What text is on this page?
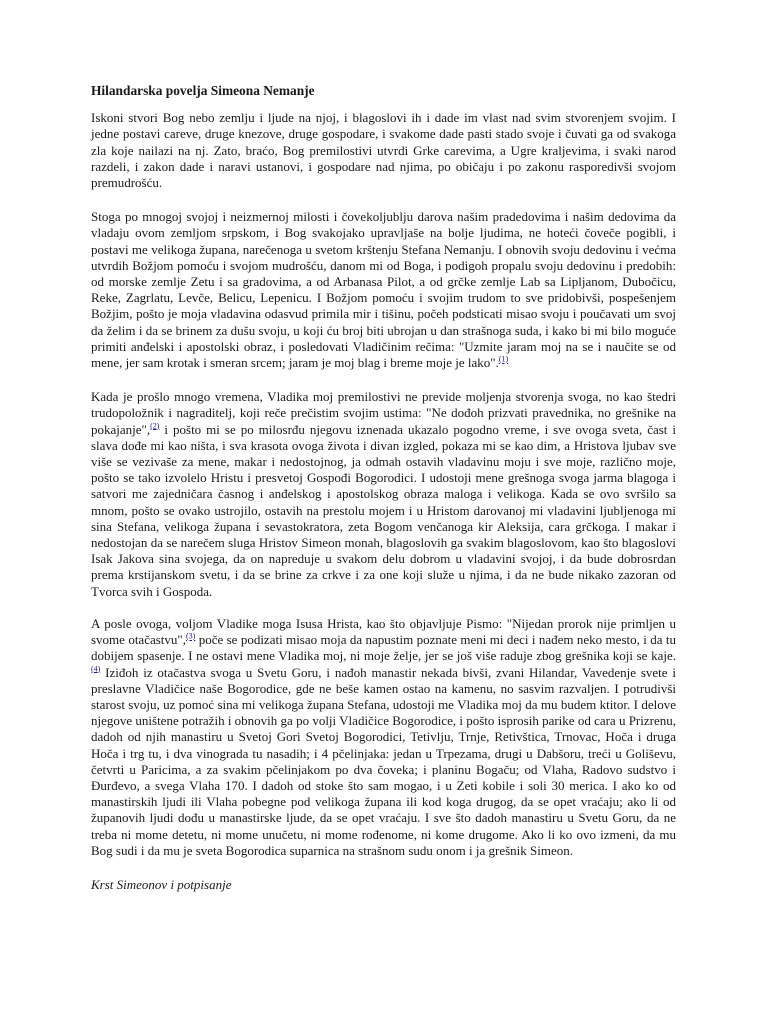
Hilandarska povelja Simeona Nemanje

Iskoni stvori Bog nebo zemlju i ljude na njoj, i blagoslovi ih i dade im vlast nad svim stvorenjem svojim. I jedne postavi careve, druge knezove, druge gospodare, i svakome dade pasti stado svoje i čuvati ga od svakoga zla koje nailazi na nj. Zato, braćo, Bog premilostivi utvrdi Grke carevima, a Ugre kraljevima, i svaki narod razdeli, i zakon dade i naravi ustanovi, i gospodare nad njima, po običaju i po zakonu rasporedivši svojom premudrošću.

Stoga po mnogoj svojoj i neizmernoj milosti i čovekoljublju darova našim pradedovima i našim dedovima da vladaju ovom zemljom srpskom, i Bog svakojako upravljaše na bolje ljudima, ne hoteći čoveče pogibli, i postavi me velikoga župana, narečenoga u svetom krštenju Stefana Nemanju. I obnovih svoju dedovinu i većma utvrdih Božjom pomoću i svojom mudrošću, danom mi od Boga, i podigoh propalu svoju dedovinu i predobih: od morske zemlje Zetu i sa gradovima, a od Arbanasa Pilot, a od grčke zemlje Lab sa Lipljanom, Dubočicu, Reke, Zagrlatu, Levče, Belicu, Lepenicu. I Božjom pomoću i svojim trudom to sve pridobivši, pospešenjem Božjim, pošto je moja vladavina odasvud primila mir i tišinu, počeh podsticati misao svoju i poučavati um svoj da želim i da se brinem za dušu svoju, u koji ću broj biti ubrojan u dan strašnoga suda, i kako bi mi bilo moguće primiti anđelski i apostolski obraz, i posledovati Vladičinim rečima: "Uzmite jaram moj na se i naučite se od mene, jer sam krotak i smeran srcem; jaram je moj blag i breme moje je lako".$^{(1)}$

Kada je prošlo mnogo vremena, Vladika moj premilostivi ne previde moljenja stvorenja svoga, no kao štedri trudopoložnik i nagraditelj, koji reče prečistim svojim ustima: "Ne dođoh prizvati pravednika, no grešnike na pokajanje",$^{(2)}$ i pošto mi se po milosrđu njegovu iznenada ukazalo pogodno vreme, i sve ovoga sveta, čast i slava dođe mi kao ništa, i sva krasota ovoga života i divan izgled, pokaza mi se kao dim, a Hristova ljubav sve više se vezivaše za mene, makar i nedostojnog, ja odmah ostavih vladavinu moju i sve moje, različno moje, pošto se tako izvolelo Hristu i presvetoj Gospođi Bogorodici. I udostoji mene grešnoga svoga jarma blagoga i satvori me zajedničara časnog i anđelskog i apostolskog obraza maloga i velikoga. Kada se ovo svršilo sa mnom, pošto se ovako ustrojilo, ostavih na prestolu mojem i u Hristom darovanoj mi vladavini ljubljenoga mi sina Stefana, velikoga župana i sevastokratora, zeta Bogom venčanoga kir Aleksija, cara grčkoga. I makar i nedostojan da se narečem sluga Hristov Simeon monah, blagoslovih ga svakim blagoslovom, kao što blagoslovi Isak Jakova sina svojega, da on napreduje u svakom delu dobrom u vladavini svojoj, i da bude dobrosrdan prema krstijanskom svetu, i da se brine za crkve i za one koji služe u njima, i da ne bude nikako zazoran od Tvorca svih i Gospoda.

A posle ovoga, voljom Vladike moga Isusa Hrista, kao što objavljuje Pismo: "Nijedan prorok nije primljen u svome otačastvu",$^{(3)}$ poče se podizati misao moja da napustim poznate meni mi deci i nađem neko mesto, i da tu dobijem spasenje. I ne ostavi mene Vladika moj, ni moje želje, jer se još više raduje zbog grešnika koji se kaje.$^{(4)}$ Iziđoh iz otačastva svoga u Svetu Goru, i nađoh manastir nekada bivši, zvani Hilandar, Vavedenje svete i preslavne Vladičice naše Bogorodice, gde ne beše kamen ostao na kamenu, no sasvim razvaljen. I potrudivši starost svoju, uz pomoć sina mi velikoga župana Stefana, udostoji me Vladika moj da mu budem ktitor. I delove njegove uništene potražih i obnovih ga po volji Vladičice Bogorodice, i pošto isprosih parike od cara u Prizrenu, dadoh od njih manastiru u Svetoj Gori Svetoj Bogorodici, Tetivlju, Trnje, Retivštica, Trnovac, Hoča i druga Hoča i trg tu, i dva vinograda tu nasadih; i 4 pčelinjaka: jedan u Trpezama, drugi u Dabšoru, treći u Goliševu, četvrti u Paricima, a za svakim pčelinjakom po dva čoveka; i planinu Bogaču; od Vlaha, Radovo sudstvo i Đurđevo, a svega Vlaha 170. I dadoh od stoke što sam mogao, i u Zeti kobile i soli 30 merica. I ako ko od manastirskih ljudi ili Vlaha pobegne pod velikoga župana ili kod koga drugog, da se opet vraćaju; ako li od županovih ljudi dođu u manastirske ljude, da se opet vraćaju. I sve što dadoh manastiru u Svetu Goru, da ne treba ni mome detetu, ni mome unučetu, ni mome rođenome, ni kome drugome. Ako li ko ovo izmeni, da mu Bog sudi i da mu je sveta Bogorodica suparnica na strašnom sudu onom i ja grešnik Simeon.

Krst Simeonov i potpisanje
